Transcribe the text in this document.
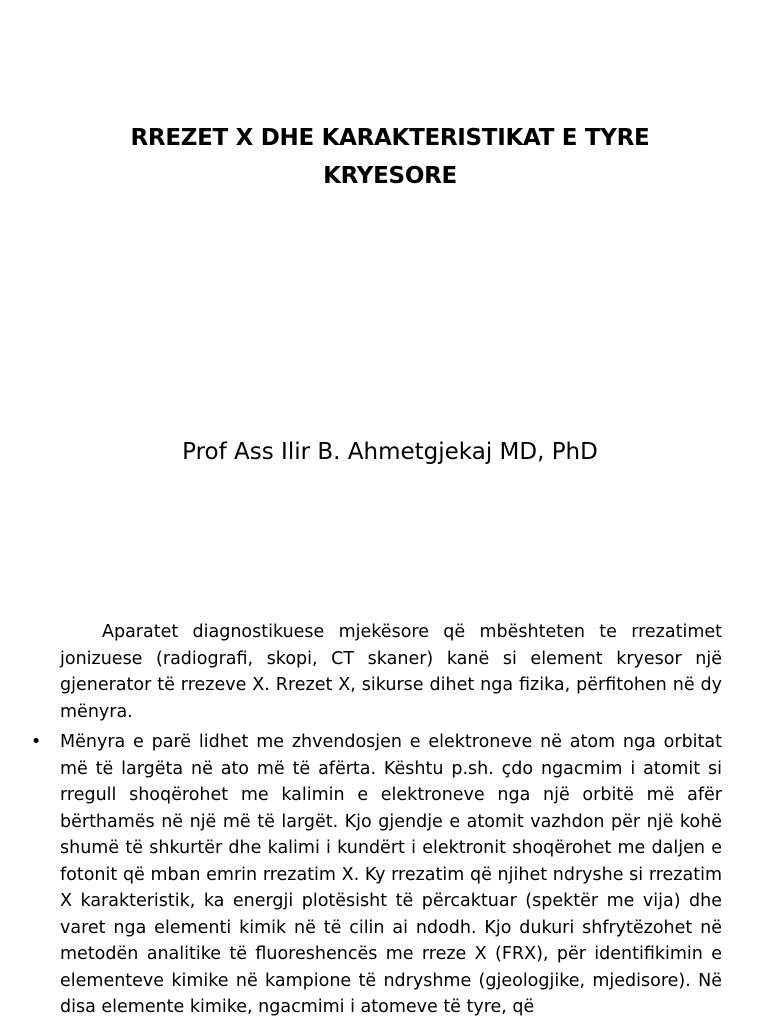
RREZET X DHE KARAKTERISTIKAT E TYRE
KRYESORE
Prof Ass Ilir B. Ahmetgjekaj MD, PhD

Aparatet diagnostikuese mjekësore që mbështeten te rrezatimet jonizuese (radiografi, skopi, CT skaner) kanë si element kryesor një gjenerator të rrezeve X. Rrezet X, sikurse dihet nga fizika, përfitohen në dy mënyra.

• Mënyra e parë lidhet me zhvendosjen e elektroneve në atom nga orbitat më të largëta në ato më të afërta. Kështu p.sh. çdo ngacmim i atomit si rregull shoqërohet me kalimin e elektroneve nga një orbitë më afër bërthamës në një më të largët. Kjo gjendje e atomit vazhdon për një kohë shumë të shkurtër dhe kalimi i kundërt i elektronit shoqërohet me daljen e fotonit që mban emrin rrezatim X. Ky rrezatim që njihet ndryshe si rrezatim X karakteristik, ka energji plotësisht të përcaktuar (spektër me vija) dhe varet nga elementi kimik në të cilin ai ndodh. Kjo dukuri shfrytëzohet në metodën analitike të fluoreshencës me rreze X (FRX), për identifikimin e elementeve kimike në kampione të ndryshme (gjeologjike, mjedisore). Në disa elemente kimike, ngacmimi i atomeve të tyre, që
